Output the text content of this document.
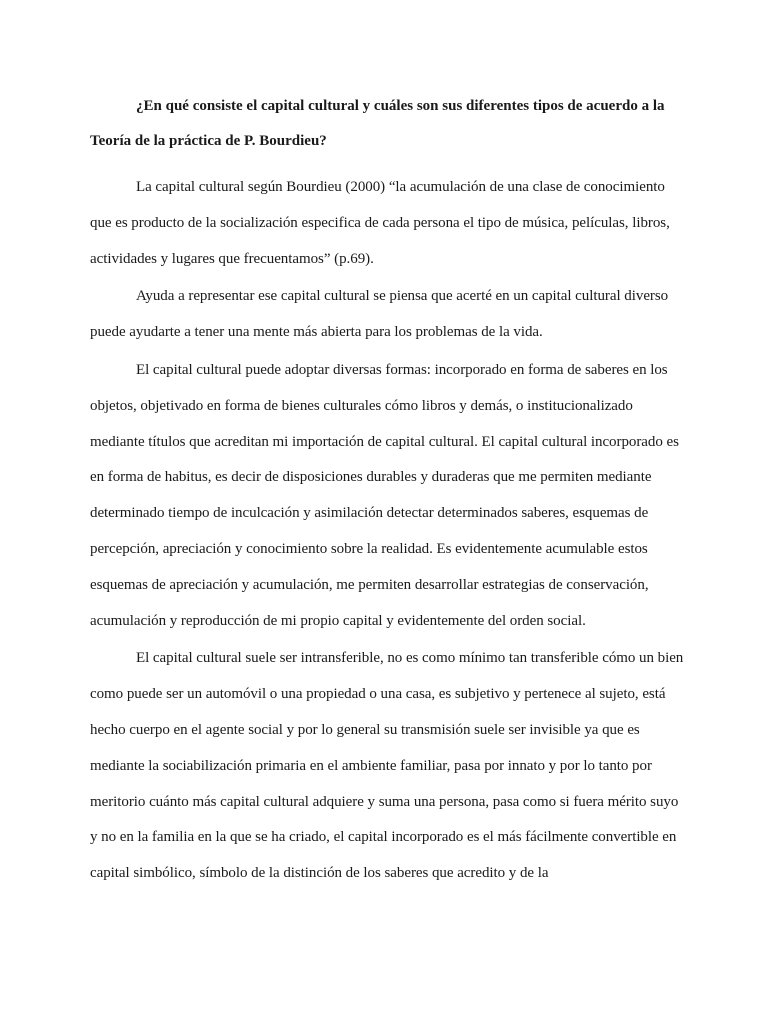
¿En qué consiste el capital cultural y cuáles son sus diferentes tipos de acuerdo a la Teoría de la práctica de P. Bourdieu?

La capital cultural según Bourdieu (2000) “la acumulación de una clase de conocimiento que es producto de la socialización especifica de cada persona el tipo de música, películas, libros, actividades y lugares que frecuentamos” (p.69).

Ayuda a representar ese capital cultural se piensa que acerté en un capital cultural diverso puede ayudarte a tener una mente más abierta para los problemas de la vida.

El capital cultural puede adoptar diversas formas: incorporado en forma de saberes en los objetos, objetivado en forma de bienes culturales cómo libros y demás, o institucionalizado mediante títulos que acreditan mi importación de capital cultural. El capital cultural incorporado es en forma de habitus, es decir de disposiciones durables y duraderas que me permiten mediante determinado tiempo de inculcación y asimilación detectar determinados saberes, esquemas de percepción, apreciación y conocimiento sobre la realidad. Es evidentemente acumulable estos esquemas de apreciación y acumulación, me permiten desarrollar estrategias de conservación, acumulación y reproducción de mi propio capital y evidentemente del orden social.

El capital cultural suele ser intransferible, no es como mínimo tan transferible cómo un bien como puede ser un automóvil o una propiedad o una casa, es subjetivo y pertenece al sujeto, está hecho cuerpo en el agente social y por lo general su transmisión suele ser invisible ya que es mediante la sociabilización primaria en el ambiente familiar, pasa por innato y por lo tanto por meritorio cuánto más capital cultural adquiere y suma una persona, pasa como si fuera mérito suyo y no en la familia en la que se ha criado, el capital incorporado es el más fácilmente convertible en capital simbólico, símbolo de la distinción de los saberes que acredito y de la
